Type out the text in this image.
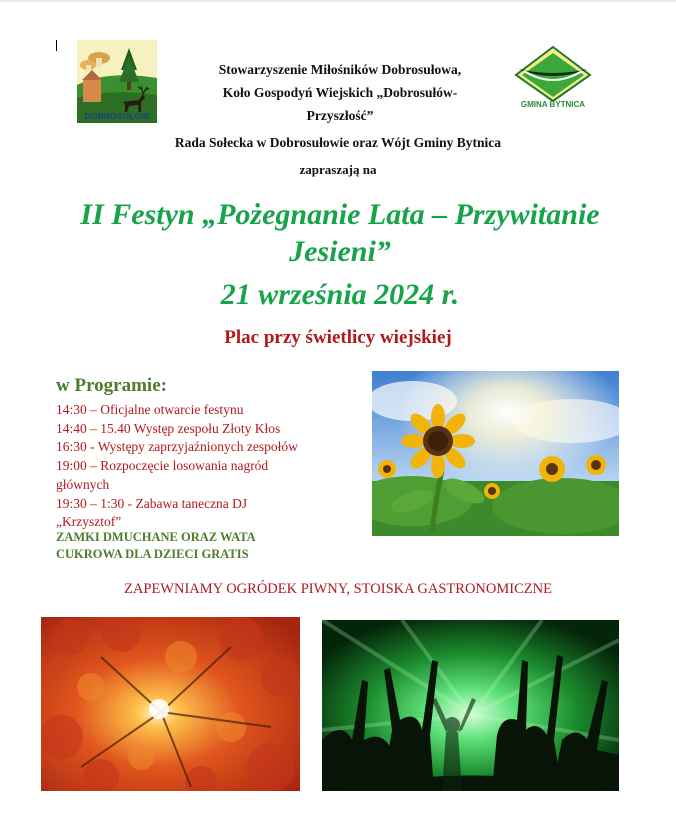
DOBROSUŁÓW
GMINA BYTNICA
Stowarzyszenie Miłośników Dobrosułowa,
Koło Gospodyń Wiejskich „Dobrosułów-
Przyszłość”
Rada Sołecka w Dobrosułowie oraz Wójt Gminy Bytnica
zapraszają na
II Festyn „Pożegnanie Lata – Przywitanie
Jesieni”
21 września 2024 r.
Plac przy świetlicy wiejskiej
w Programie:
14:30 – Oficjalne otwarcie festynu
14:40 – 15.40 Występ zespołu Złoty Kłos
16:30 - Występy zaprzyjaźnionych zespołów
19:00 – Rozpoczęcie losowania nagród
głównych
19:30 – 1:30 - Zabawa taneczna DJ
„Krzysztof”
ZAMKI DMUCHANE ORAZ WATA
CUKROWA DLA DZIECI GRATIS
ZAPEWNIAMY OGRÓDEK PIWNY, STOISKA GASTRONOMICZNE
